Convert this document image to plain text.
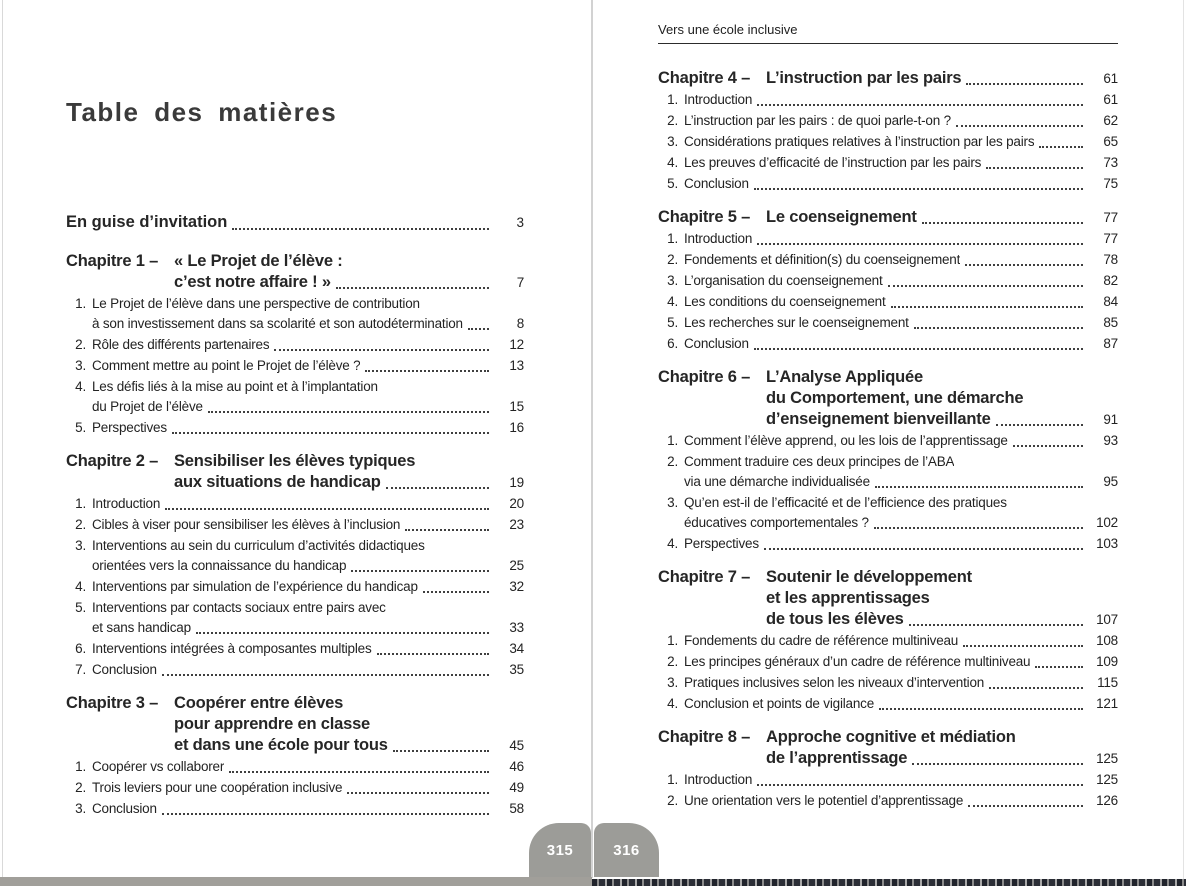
Table des matières
En guise d’invitation	3
Chapitre 1 – « Le Projet de l’élève :
c’est notre affaire ! »	7
1. Le Projet de l’élève dans une perspective de contribution
à son investissement dans sa scolarité et son autodétermination	8
2. Rôle des différents partenaires	12
3. Comment mettre au point le Projet de l’élève ?	13
4. Les défis liés à la mise au point et à l’implantation
du Projet de l’élève	15
5. Perspectives	16
Chapitre 2 – Sensibiliser les élèves typiques
aux situations de handicap	19
1. Introduction	20
2. Cibles à viser pour sensibiliser les élèves à l’inclusion	23
3. Interventions au sein du curriculum d’activités didactiques
orientées vers la connaissance du handicap	25
4. Interventions par simulation de l’expérience du handicap	32
5. Interventions par contacts sociaux entre pairs avec
et sans handicap	33
6. Interventions intégrées à composantes multiples	34
7. Conclusion	35
Chapitre 3 – Coopérer entre élèves
pour apprendre en classe
et dans une école pour tous	45
1. Coopérer vs collaborer	46
2. Trois leviers pour une coopération inclusive	49
3. Conclusion	58
Vers une école inclusive
Chapitre 4 – L’instruction par les pairs	61
1. Introduction	61
2. L’instruction par les pairs : de quoi parle-t-on ?	62
3. Considérations pratiques relatives à l’instruction par les pairs	65
4. Les preuves d’efficacité de l’instruction par les pairs	73
5. Conclusion	75
Chapitre 5 – Le coenseignement	77
1. Introduction	77
2. Fondements et définition(s) du coenseignement	78
3. L’organisation du coenseignement	82
4. Les conditions du coenseignement	84
5. Les recherches sur le coenseignement	85
6. Conclusion	87
Chapitre 6 – L’Analyse Appliquée
du Comportement, une démarche
d’enseignement bienveillante	91
1. Comment l’élève apprend, ou les lois de l’apprentissage	93
2. Comment traduire ces deux principes de l’ABA
via une démarche individualisée	95
3. Qu’en est-il de l’efficacité et de l’efficience des pratiques
éducatives comportementales ?	102
4. Perspectives	103
Chapitre 7 – Soutenir le développement
et les apprentissages
de tous les élèves	107
1. Fondements du cadre de référence multiniveau	108
2. Les principes généraux d’un cadre de référence multiniveau	109
3. Pratiques inclusives selon les niveaux d’intervention	115
4. Conclusion et points de vigilance	121
Chapitre 8 – Approche cognitive et médiation
de l’apprentissage	125
1. Introduction	125
2. Une orientation vers le potentiel d’apprentissage	126
315	316
